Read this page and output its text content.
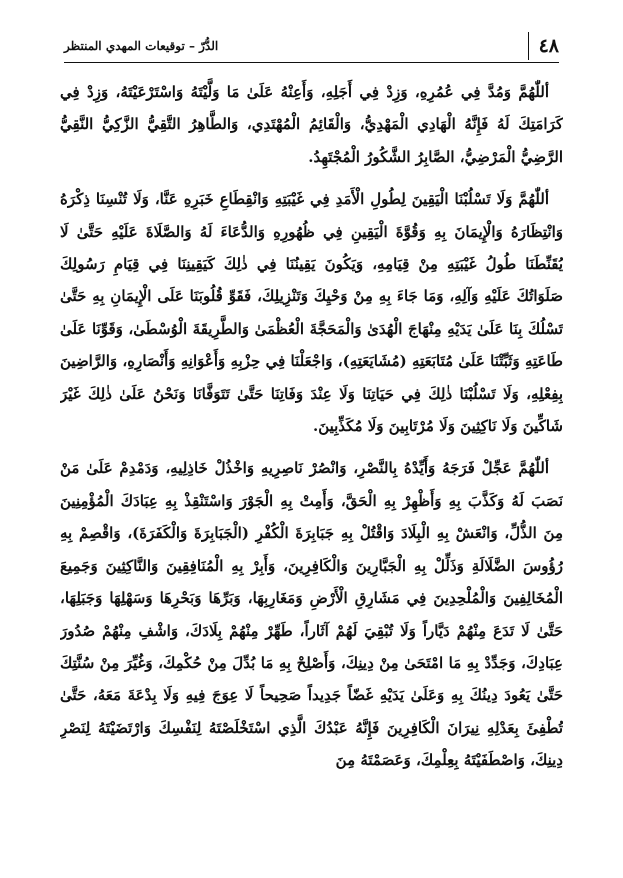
٤٨
الدُّرّ – توقيعات المهدي المنتظر

أللّٰهُمَّ وَمُدَّ فِي عُمُرِهِ، وَزِدْ فِي أَجَلِهِ، وَأَعِنْهُ عَلَىٰ مَا وَلَّيْتَهُ وَاسْتَرْعَيْتَهُ، وَزِدْ فِي كَرَامَتِكَ لَهُ فَإِنَّهُ الْهَادِي الْمَهْدِيُّ، وَالْقَائِمُ الْمُهْتَدِي، وَالطَّاهِرُ التَّقِيُّ الزَّكِيُّ النَّقِيُّ الرَّضِيُّ الْمَرْضِيُّ، الصَّابِرُ الشَّكُورُ الْمُجْتَهِدُ.

أللّٰهُمَّ وَلَا تَسْلُبْنَا الْيَقِينَ لِطُولِ الْأَمَدِ فِي غَيْبَتِهِ وَانْقِطَاعِ خَبَرِهِ عَنَّا، وَلَا تُنْسِنَا ذِكْرَهُ وَانْتِظَارَهُ وَالْإِيمَانَ بِهِ وَقُوَّةَ الْيَقِينِ فِي ظُهُورِهِ وَالدُّعَاءَ لَهُ وَالصَّلَاةَ عَلَيْهِ حَتَّىٰ لَا يُقَنِّطَنَا طُولُ غَيْبَتِهِ مِنْ قِيَامِهِ، وَيَكُونَ يَقِينُنَا فِي ذٰلِكَ كَيَقِينِنَا فِي قِيَامِ رَسُولِكَ صَلَوَاتُكَ عَلَيْهِ وَآلِهِ، وَمَا جَاءَ بِهِ مِنْ وَحْيِكَ وَتَنْزِيلِكَ، فَقَوِّ قُلُوبَنَا عَلَى الْإِيمَانِ بِهِ حَتَّىٰ تَسْلُكَ بِنَا عَلَىٰ يَدَيْهِ مِنْهَاجَ الْهُدَىٰ وَالْمَحَجَّةَ الْعُظْمَىٰ وَالطَّرِيقَةَ الْوُسْطَىٰ، وَقَوِّنَا عَلَىٰ طَاعَتِهِ وَثَبِّتْنَا عَلَىٰ مُتَابَعَتِهِ (مُشَايَعَتِهِ)، وَاجْعَلْنَا فِي حِزْبِهِ وَأَعْوَانِهِ وَأَنْصَارِهِ، وَالرَّاضِينَ بِفِعْلِهِ، وَلَا تَسْلُبْنَا ذٰلِكَ فِي حَيَاتِنَا وَلَا عِنْدَ وَفَاتِنَا حَتَّىٰ تَتَوَفَّانَا وَنَحْنُ عَلَىٰ ذٰلِكَ غَيْرَ شَاكِّينَ وَلَا نَاكِثِينَ وَلَا مُرْتَابِينَ وَلَا مُكَذِّبِينَ.

أللّٰهُمَّ عَجِّلْ فَرَجَهُ وَأَيِّدْهُ بِالنَّصْرِ، وَانْصُرْ نَاصِرِيهِ وَاخْذُلْ خَاذِلِيهِ، وَدَمْدِمْ عَلَىٰ مَنْ نَصَبَ لَهُ وَكَذَّبَ بِهِ وَأَظْهِرْ بِهِ الْحَقَّ، وَأَمِتْ بِهِ الْجَوْرَ وَاسْتَنْقِذْ بِهِ عِبَادَكَ الْمُؤْمِنِينَ مِنَ الذُّلِّ، وَانْعَشْ بِهِ الْبِلَادَ وَاقْتُلْ بِهِ جَبَابِرَةَ الْكُفْرِ (الْجَبَابِرَةَ وَالْكَفَرَةَ)، وَاقْصِمْ بِهِ رُؤُوسَ الضَّلَالَةِ وَذَلِّلْ بِهِ الْجَبَّارِينَ وَالْكَافِرِينَ، وَأَبِرْ بِهِ الْمُنَافِقِينَ وَالنَّاكِثِينَ وَجَمِيعَ الْمُخَالِفِينَ وَالْمُلْحِدِينَ فِي مَشَارِقِ الْأَرْضِ وَمَغَارِبِهَا، وَبَرِّهَا وَبَحْرِهَا وَسَهْلِهَا وَجَبَلِهَا، حَتَّىٰ لَا تَدَعَ مِنْهُمْ دَيَّاراً وَلَا تُبْقِيَ لَهُمْ آثَاراً، طَهِّرْ مِنْهُمْ بِلَادَكَ، وَاشْفِ مِنْهُمْ صُدُورَ عِبَادِكَ، وَجَدِّدْ بِهِ مَا امْتَحَىٰ مِنْ دِينِكَ، وَأَصْلِحْ بِهِ مَا بُدِّلَ مِنْ حُكْمِكَ، وَغُيِّرَ مِنْ سُنَّتِكَ حَتَّىٰ يَعُودَ دِينُكَ بِهِ وَعَلَىٰ يَدَيْهِ غَضّاً جَدِيداً صَحِيحاً لَا عِوَجَ فِيهِ وَلَا بِدْعَةَ مَعَهُ، حَتَّىٰ تُطْفِئَ بِعَدْلِهِ نِيرَانَ الْكَافِرِينَ فَإِنَّهُ عَبْدُكَ الَّذِي اسْتَخْلَصْتَهُ لِنَفْسِكَ وَارْتَضَيْتَهُ لِنَصْرِ دِينِكَ، وَاصْطَفَيْتَهُ بِعِلْمِكَ، وَعَصَمْتَهُ مِنَ
